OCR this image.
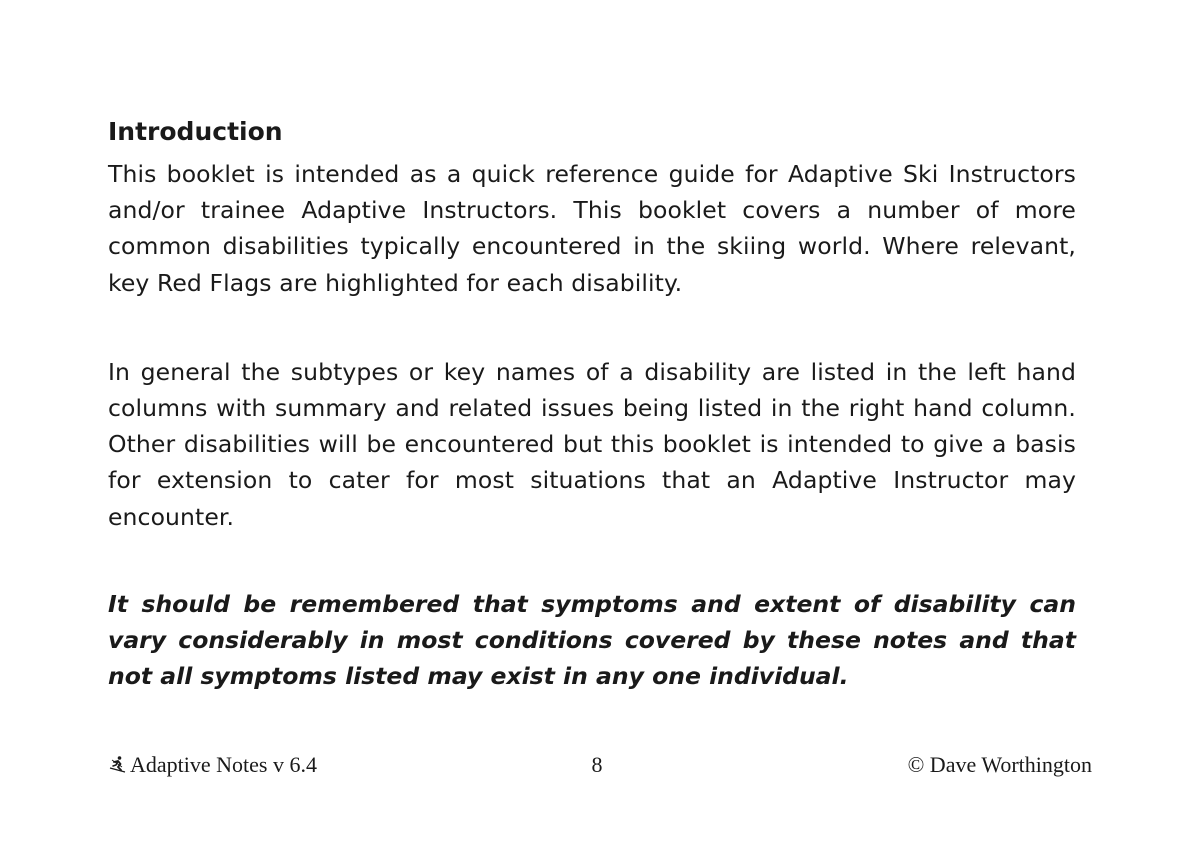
Introduction

This booklet is intended as a quick reference guide for Adaptive Ski Instructors and/or trainee Adaptive Instructors. This booklet covers a number of more common disabilities typically encountered in the skiing world. Where relevant, key Red Flags are highlighted for each disability.

In general the subtypes or key names of a disability are listed in the left hand columns with summary and related issues being listed in the right hand column. Other disabilities will be encountered but this booklet is intended to give a basis for extension to cater for most situations that an Adaptive Instructor may encounter.

It should be remembered that symptoms and extent of disability can vary considerably in most conditions covered by these notes and that not all symptoms listed may exist in any one individual.

Adaptive Notes v 6.4	8	© Dave Worthington
